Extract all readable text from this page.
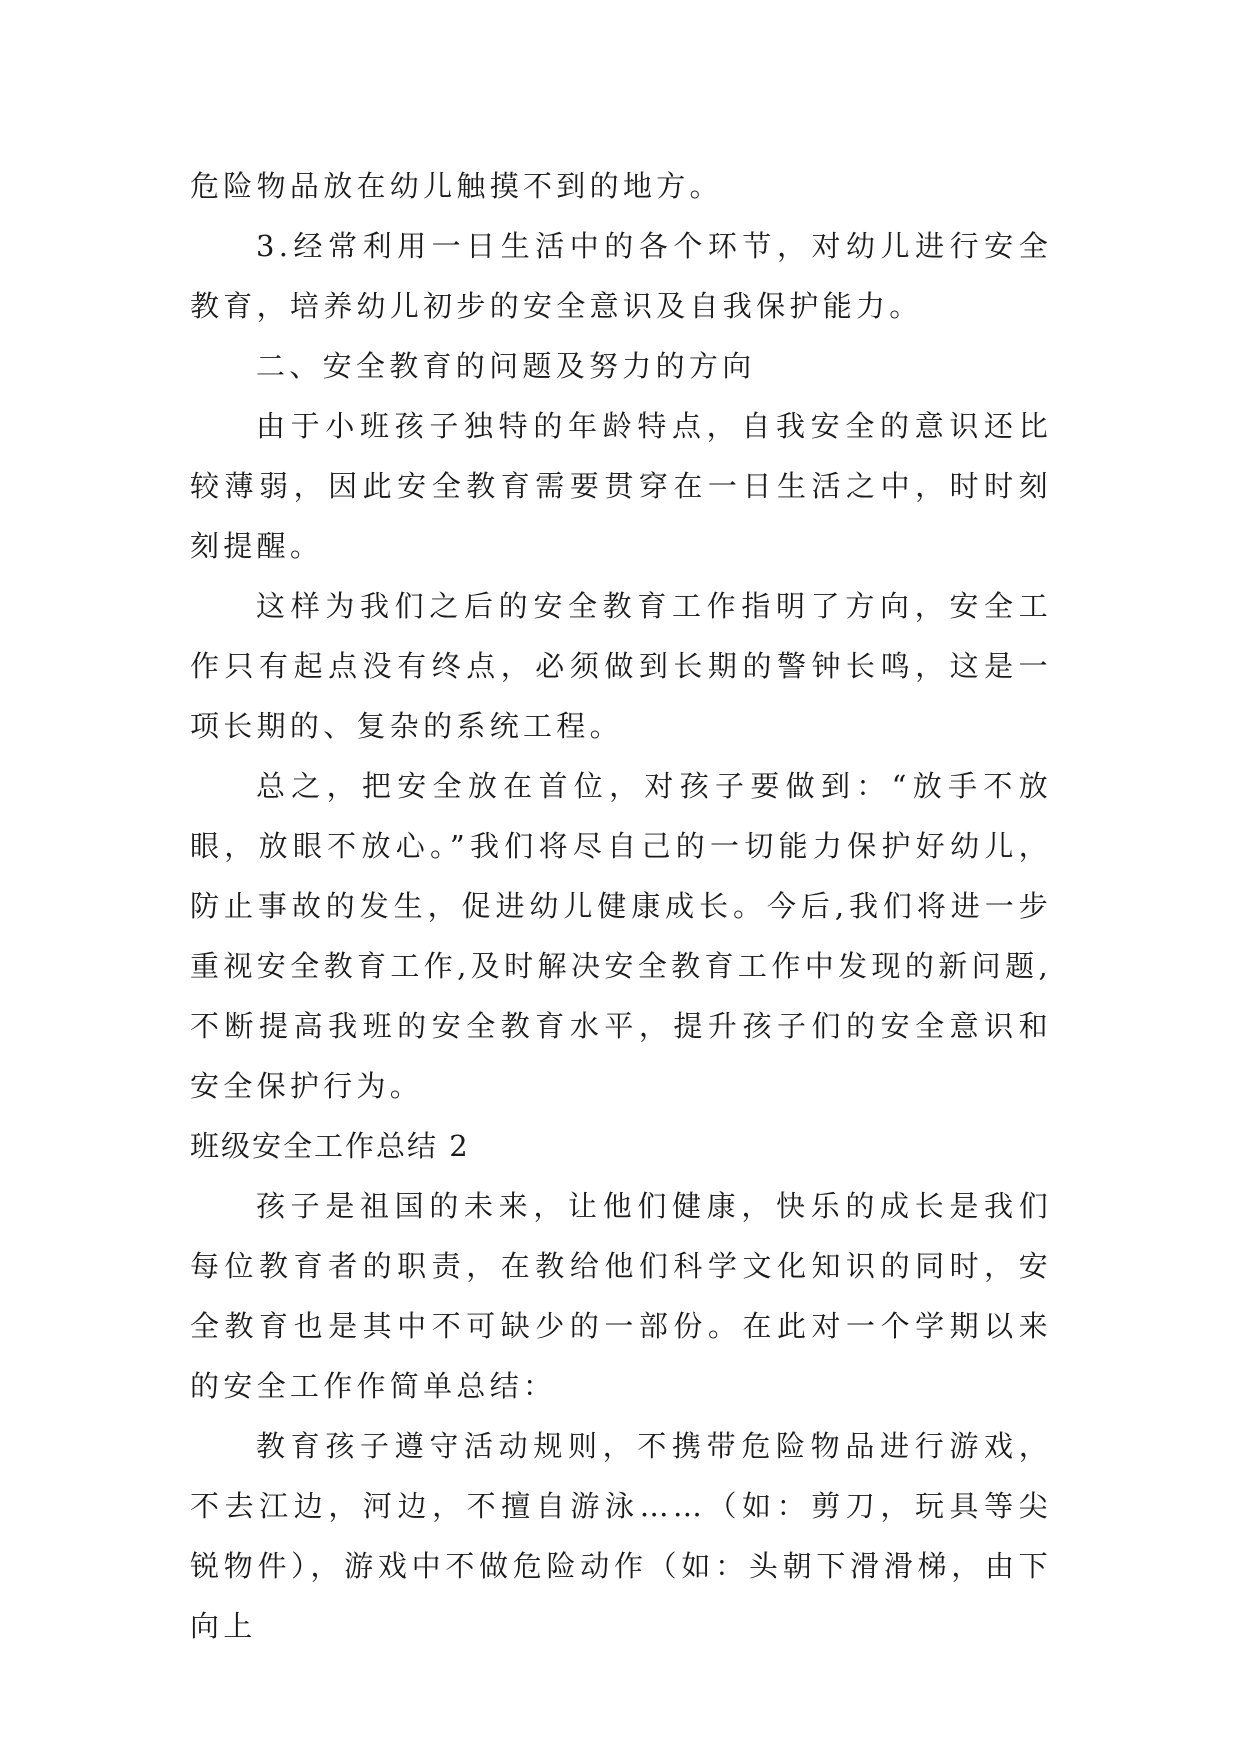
危险物品放在幼儿触摸不到的地方。

3.经常利用一日生活中的各个环节，对幼儿进行安全教育，培养幼儿初步的安全意识及自我保护能力。

二、安全教育的问题及努力的方向

由于小班孩子独特的年龄特点，自我安全的意识还比较薄弱，因此安全教育需要贯穿在一日生活之中，时时刻刻提醒。

这样为我们之后的安全教育工作指明了方向，安全工作只有起点没有终点，必须做到长期的警钟长鸣，这是一项长期的、复杂的系统工程。

总之，把安全放在首位，对孩子要做到：“放手不放眼，放眼不放心。”我们将尽自己的一切能力保护好幼儿，防止事故的发生，促进幼儿健康成长。今后,我们将进一步重视安全教育工作,及时解决安全教育工作中发现的新问题,不断提高我班的安全教育水平，提升孩子们的安全意识和安全保护行为。

班级安全工作总结 2

孩子是祖国的未来，让他们健康，快乐的成长是我们每位教育者的职责，在教给他们科学文化知识的同时，安全教育也是其中不可缺少的一部份。在此对一个学期以来的安全工作作简单总结：

教育孩子遵守活动规则，不携带危险物品进行游戏，不去江边，河边，不擅自游泳……（如：剪刀，玩具等尖锐物件），游戏中不做危险动作（如：头朝下滑滑梯，由下向上
